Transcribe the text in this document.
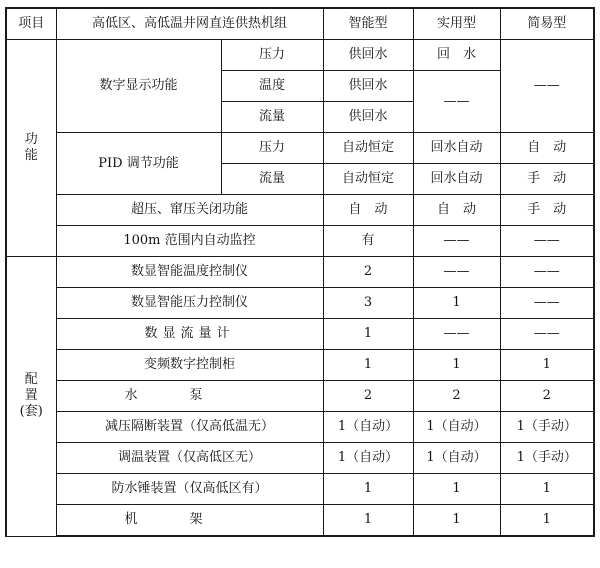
项目	高低区、高低温井网直连供热机组		智能型	实用型	简易型

功
能	数字显示功能	压力	供回水	回　水	——
		温度	供回水	——	
		流量	供回水		
	PID 调节功能	压力	自动恒定	回水自动	自　动
		流量	自动恒定	回水自动	手　动
	超压、窜压关闭功能		自　动	自　动	手　动
	100m 范围内自动监控		有	——	——

配
置
(套)	数显智能温度控制仪		2	——	——
	数显智能压力控制仪		3	1	——
	数显流量计		1	——	——
	变频数字控制柜		1	1	1
	水泵		2	2	2
	减压隔断装置（仅高低温无）		1（自动）	1（自动）	1（手动）
	调温装置（仅高低区无）		1（自动）	1（自动）	1（手动）
	防水锤装置（仅高低区有）		1	1	1
	机架		1	1	1
